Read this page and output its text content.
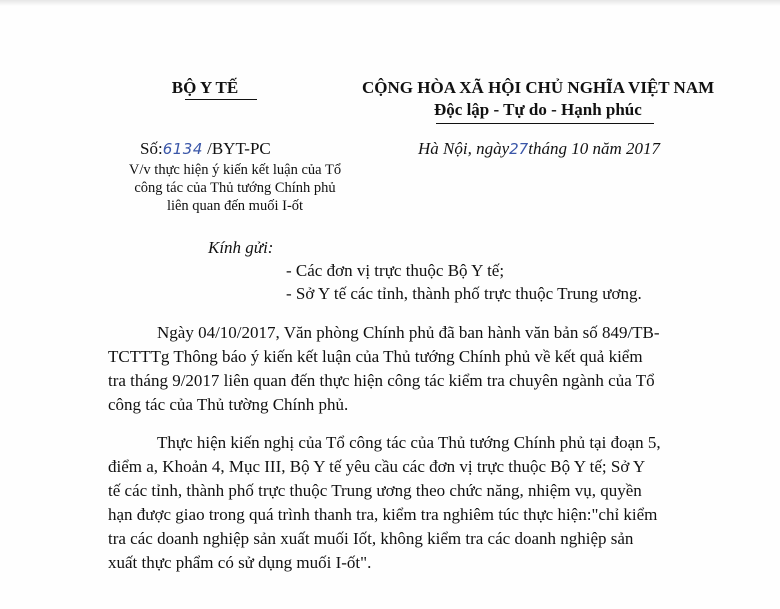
BỘ Y TẾ	CỘNG HÒA XÃ HỘI CHỦ NGHĨA VIỆT NAM
Độc lập - Tự do - Hạnh phúc
Số:6134 /BYT-PC
V/v thực hiện ý kiến kết luận của Tổ
công tác của Thủ tướng Chính phủ
liên quan đến muối I-ốt
Hà Nội, ngày27tháng 10 năm 2017
Kính gửi:
- Các đơn vị trực thuộc Bộ Y tế;
- Sở Y tế các tỉnh, thành phố trực thuộc Trung ương.
Ngày 04/10/2017, Văn phòng Chính phủ đã ban hành văn bản số 849/TB-
TCTTTg Thông báo ý kiến kết luận của Thủ tướng Chính phủ về kết quả kiểm
tra tháng 9/2017 liên quan đến thực hiện công tác kiểm tra chuyên ngành của Tổ
công tác của Thủ tường Chính phủ.
Thực hiện kiến nghị của Tổ công tác của Thủ tướng Chính phủ tại đoạn 5,
điểm a, Khoản 4, Mục III, Bộ Y tế yêu cầu các đơn vị trực thuộc Bộ Y tế; Sở Y
tế các tỉnh, thành phố trực thuộc Trung ương theo chức năng, nhiệm vụ, quyền
hạn được giao trong quá trình thanh tra, kiểm tra nghiêm túc thực hiện:"chỉ kiểm
tra các doanh nghiệp sản xuất muối Iốt, không kiểm tra các doanh nghiệp sản
xuất thực phẩm có sử dụng muối I-ốt".
